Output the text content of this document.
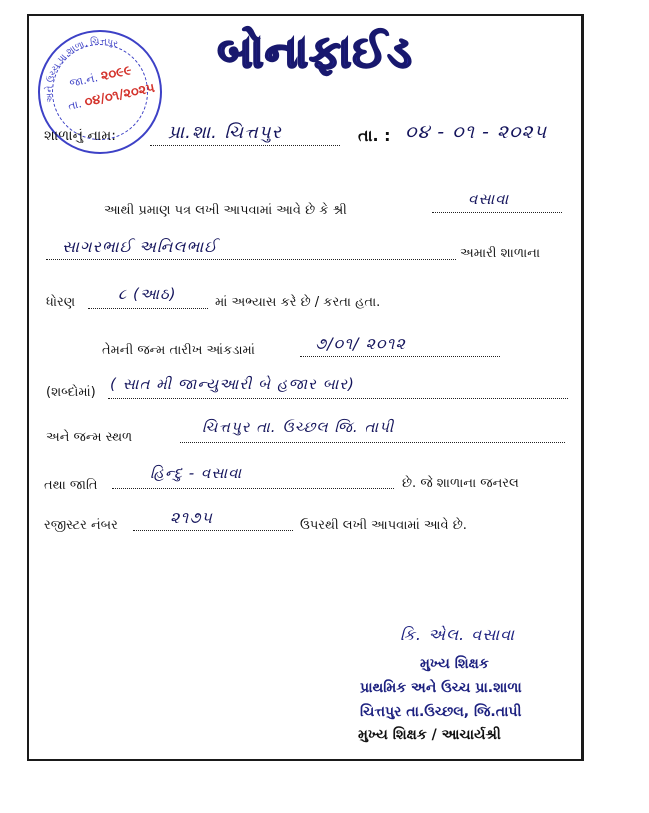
બોનાફાઈડ
અને ઉચ્ચ.પ્રા.શાળા, ચિત્તપુર
જા.નં. ૨૦૯૯
તા. ૦૪/૦૧/૨૦૨૫
શાળાનું નામ:	પ્રા.શા. ચિત્તપુર	તા. : ૦૪ - ૦૧ - ૨૦૨૫
આથી પ્રમાણ પત્ર લખી આપવામાં આવે છે કે શ્રી
વસાવા
સાગરભાઈ અનિલભાઈ	અમારી શાળાના
ધોરણ	૮ (આઠ)	માં અભ્યાસ કરે છે / કરતા હતા.
તેમની જન્મ તારીખ આંકડામાં	૭/૦૧/ ૨૦૧૨
(શબ્દોમાં) ( સાત મી જાન્યુઆરી બે હજાર બાર)
અને જન્મ સ્થળ
ચિત્તપુર તા. ઉચ્છલ જિ. તાપી
તથા જાતિ
હિન્દુ - વસાવા
છે. જે શાળાના જનરલ
રજીસ્ટર નંબર	૨૧૭૫	ઉપરથી લખી આપવામાં આવે છે.
કિ. એલ. વસાવા
મુખ્ય શિક્ષક
પ્રાથમિક અને ઉચ્ચ પ્રા.શાળા
ચિત્તપુર તા.ઉચ્છલ, જિ.તાપી
મુખ્ય શિક્ષક / આચાર્યશ્રી
